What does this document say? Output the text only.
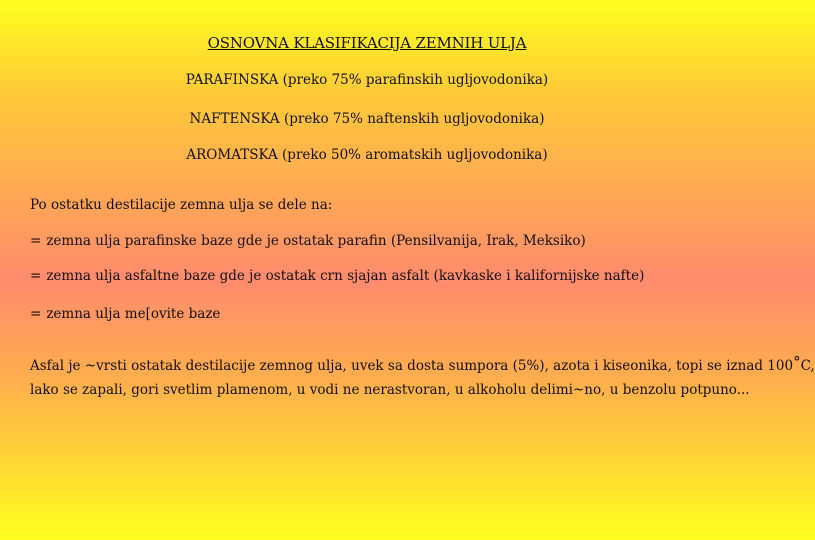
OSNOVNA KLASIFIKACIJA ZEMNIH ULJA
PARAFINSKA (preko 75% parafinskih ugljovodonika)
NAFTENSKA (preko 75% naftenskih ugljovodonika)
AROMATSKA (preko 50% aromatskih ugljovodonika)
Po ostatku destilacije zemna ulja se dele na:
= zemna ulja parafinske baze gde je ostatak parafin (Pensilvanija, Irak, Meksiko)
= zemna ulja asfaltne baze gde je ostatak crn sjajan asfalt (kavkaske i kalifornijske nafte)
= zemna ulja me[ovite baze
Asfal je ~vrsti ostatak destilacije zemnog ulja, uvek sa dosta sumpora (5%), azota i kiseonika, topi se iznad 100°C,
lako se zapali, gori svetlim plamenom, u vodi ne nerastvoran, u alkoholu delimi~no, u benzolu potpuno...
